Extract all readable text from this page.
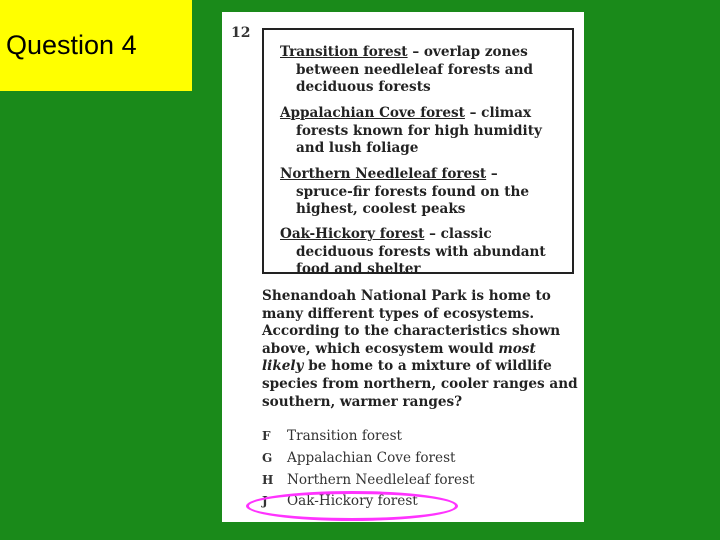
Question 4	12
Transition forest – overlap zones
between needleleaf forests and deciduous forests
Appalachian Cove forest – climax
forests known for high humidity and lush foliage
Northern Needleleaf forest –
spruce-fir forests found on the highest, coolest peaks
Oak-Hickory forest – classic
deciduous forests with abundant food and shelter
Shenandoah National Park is home to many different types of ecosystems. According to the characteristics shown above, which ecosystem would most likely be home to a mixture of wildlife species from northern, cooler ranges and southern, warmer ranges?
F	Transition forest
G	Appalachian Cove forest
H	Northern Needleleaf forest
J	Oak-Hickory forest
